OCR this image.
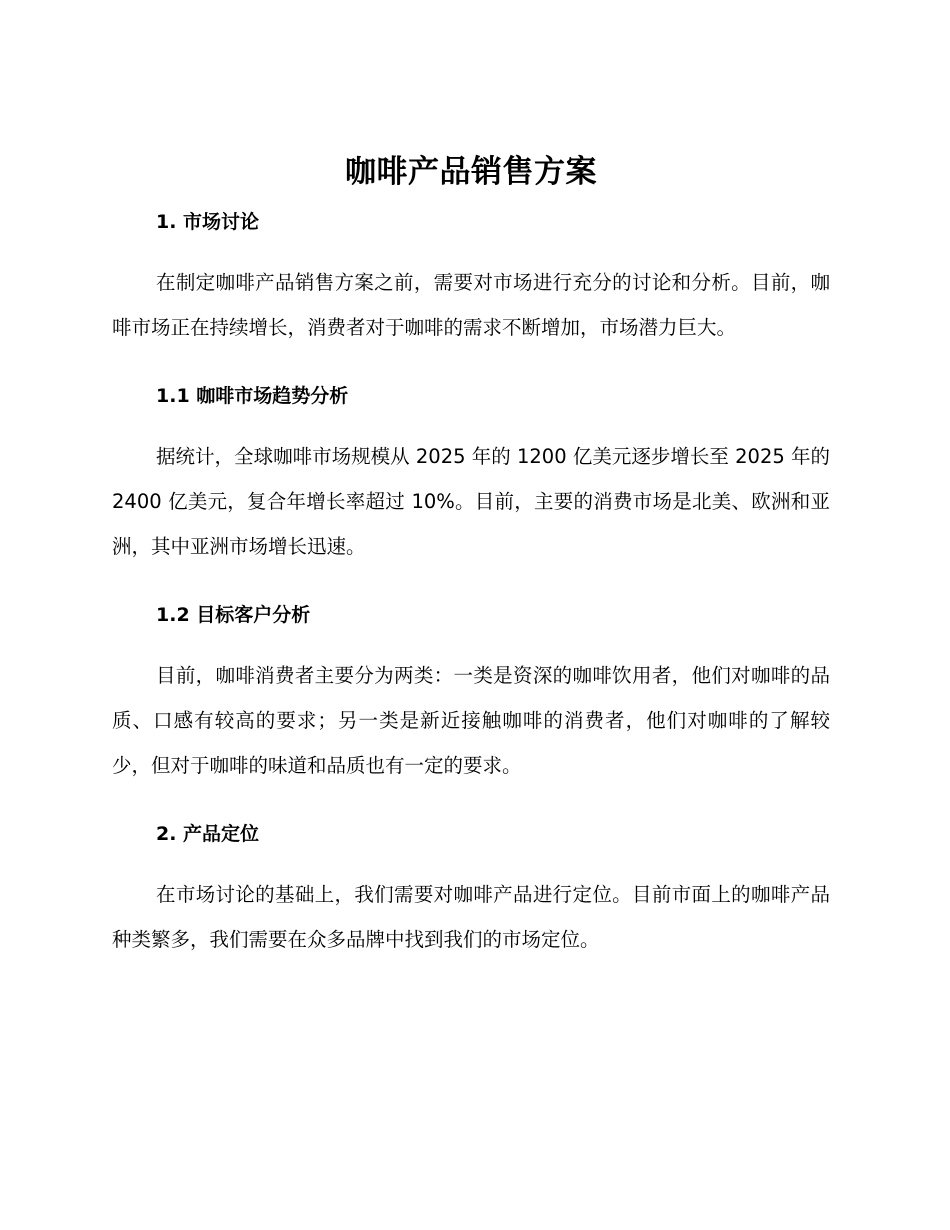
咖啡产品销售方案
1. 市场讨论

在制定咖啡产品销售方案之前，需要对市场进行充分的讨论和分析。目前，咖啡市场正在持续增长，消费者对于咖啡的需求不断增加，市场潜力巨大。

1.1 咖啡市场趋势分析

据统计，全球咖啡市场规模从 2025 年的 1200 亿美元逐步增长至 2025 年的 2400 亿美元，复合年增长率超过 10%。目前，主要的消费市场是北美、欧洲和亚洲，其中亚洲市场增长迅速。

1.2 目标客户分析

目前，咖啡消费者主要分为两类：一类是资深的咖啡饮用者，他们对咖啡的品质、口感有较高的要求；另一类是新近接触咖啡的消费者，他们对咖啡的了解较少，但对于咖啡的味道和品质也有一定的要求。

2. 产品定位

在市场讨论的基础上，我们需要对咖啡产品进行定位。目前市面上的咖啡产品种类繁多，我们需要在众多品牌中找到我们的市场定位。
